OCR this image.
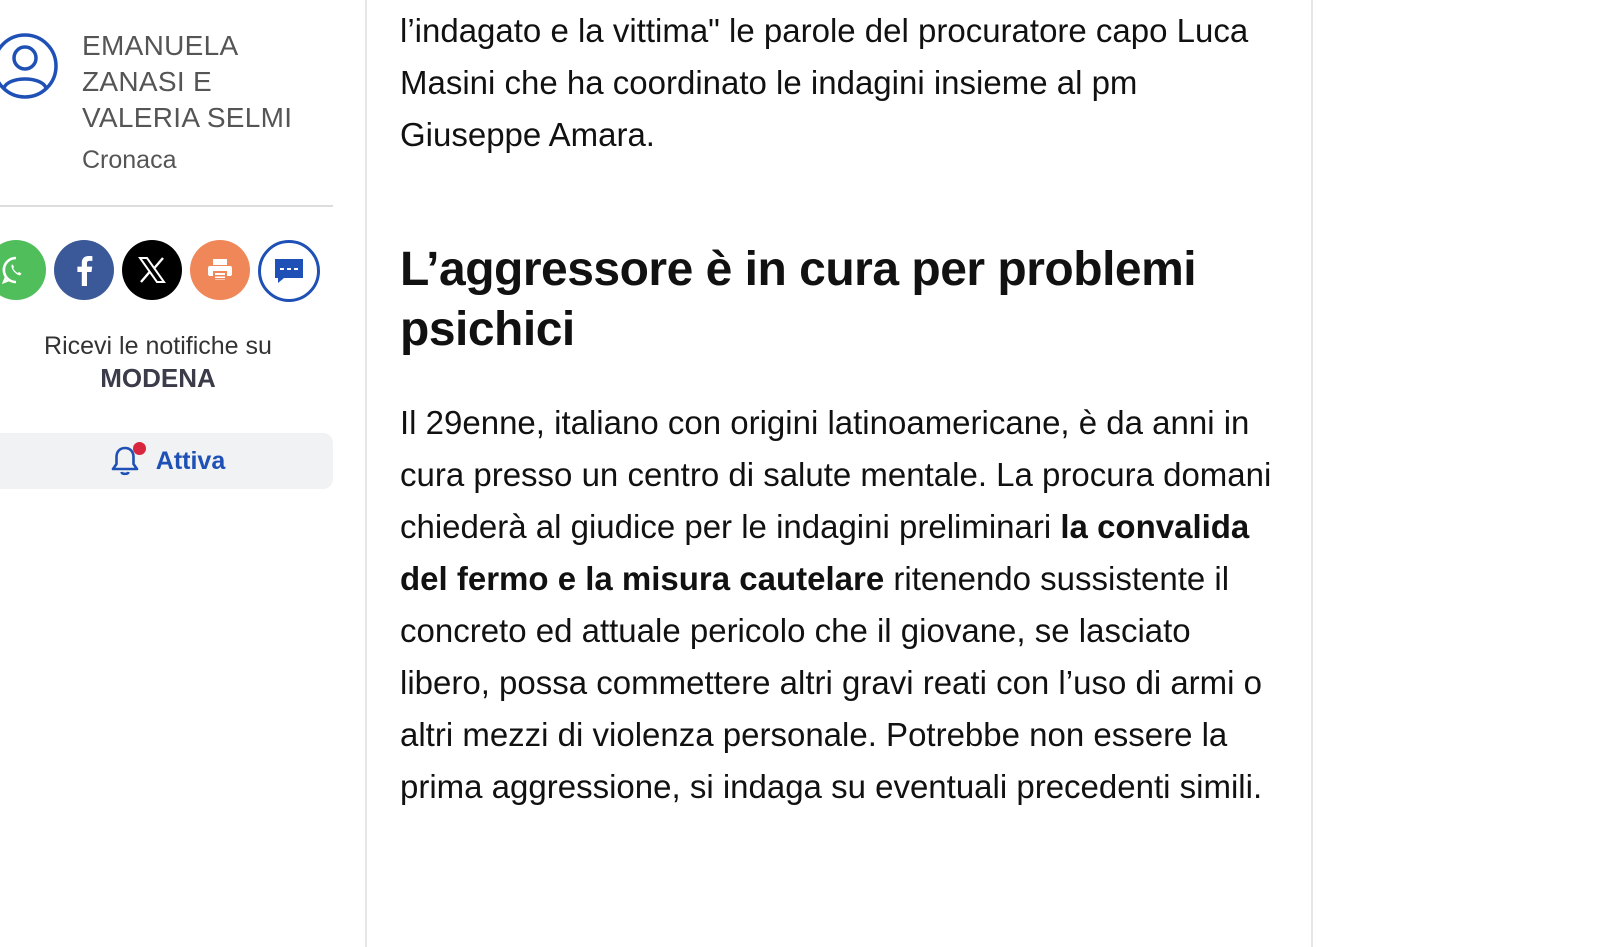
EMANUELA
ZANASI E
VALERIA SELMI
Cronaca
Ricevi le notifiche su
MODENA
Attiva

l’indagato e la vittima" le parole del procuratore capo Luca Masini che ha coordinato le indagini insieme al pm Giuseppe Amara.

L’aggressore è in cura per problemi psichici

Il 29enne, italiano con origini latinoamericane, è da anni in cura presso un centro di salute mentale. La procura domani chiederà al giudice per le indagini preliminari la convalida del fermo e la misura cautelare ritenendo sussistente il concreto ed attuale pericolo che il giovane, se lasciato libero, possa commettere altri gravi reati con l’uso di armi o altri mezzi di violenza personale. Potrebbe non essere la prima aggressione, si indaga su eventuali precedenti simili.
